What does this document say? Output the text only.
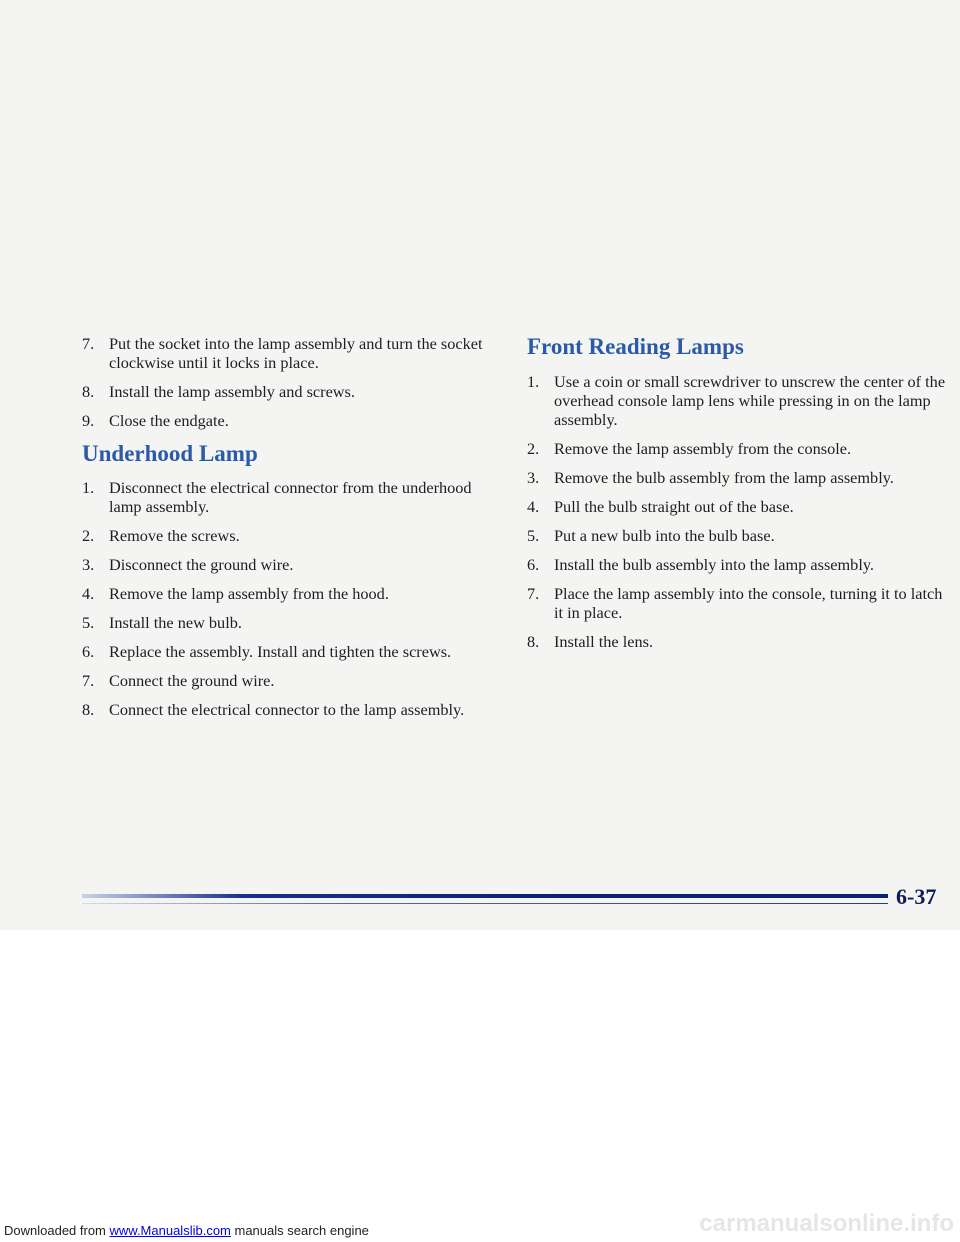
7. Put the socket into the lamp assembly and turn the socket clockwise until it locks in place.
8. Install the lamp assembly and screws.
9. Close the endgate.
Underhood Lamp
1. Disconnect the electrical connector from the underhood lamp assembly.
2. Remove the screws.
3. Disconnect the ground wire.
4. Remove the lamp assembly from the hood.
5. Install the new bulb.
6. Replace the assembly. Install and tighten the screws.
7. Connect the ground wire.
8. Connect the electrical connector to the lamp assembly.
Front Reading Lamps
1. Use a coin or small screwdriver to unscrew the center of the overhead console lamp lens while pressing in on the lamp assembly.
2. Remove the lamp assembly from the console.
3. Remove the bulb assembly from the lamp assembly.
4. Pull the bulb straight out of the base.
5. Put a new bulb into the bulb base.
6. Install the bulb assembly into the lamp assembly.
7. Place the lamp assembly into the console, turning it to latch it in place.
8. Install the lens.
6-37
Downloaded from www.Manualslib.com manuals search engine	carmanualsonline.info
